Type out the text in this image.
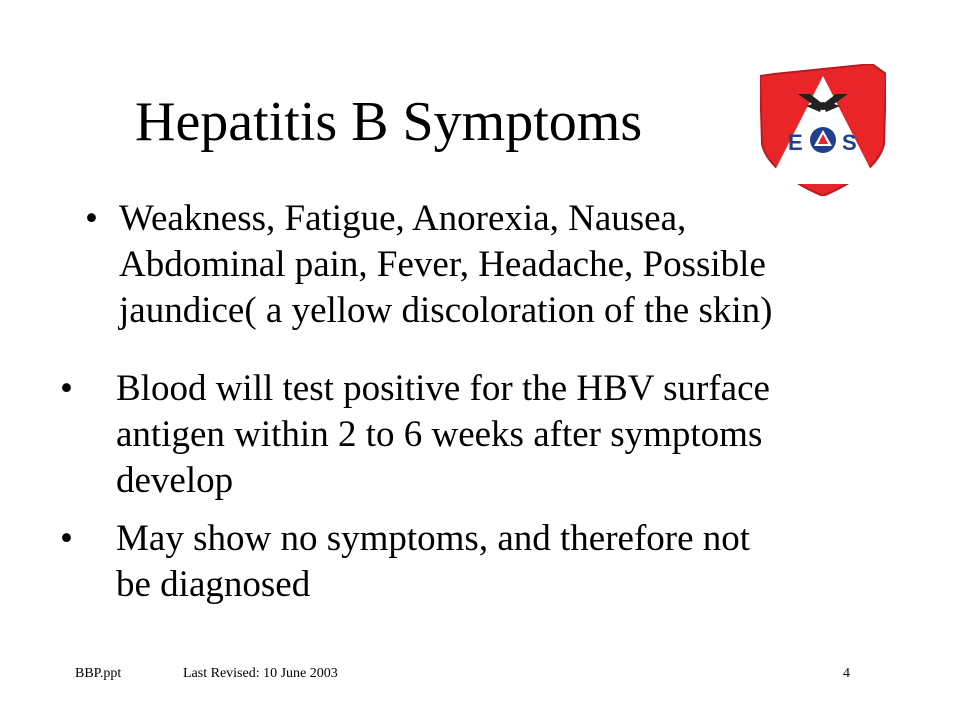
Hepatitis B Symptoms	E S
• Weakness, Fatigue, Anorexia, Nausea,
Abdominal pain, Fever, Headache, Possible
jaundice( a yellow discoloration of the skin)
• Blood will test positive for the HBV surface
antigen within 2 to 6 weeks after symptoms
develop
• May show no symptoms, and therefore not
be diagnosed
BBP.ppt	Last Revised: 10 June 2003	4
